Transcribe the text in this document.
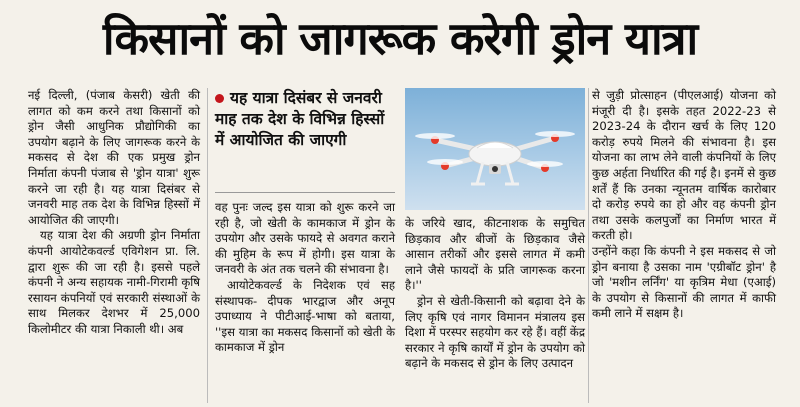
किसानों को जागरूक करेगी ड्रोन यात्रा

नई दिल्ली, (पंजाब केसरी) खेती की लागत को कम करने तथा किसानों को ड्रोन जैसी आधुनिक प्रौद्योगिकी का उपयोग बढ़ाने के लिए जागरूक करने के मकसद से देश की एक प्रमुख ड्रोन निर्माता कंपनी पंजाब से 'ड्रोन यात्रा' शुरू करने जा रही है। यह यात्रा दिसंबर से जनवरी माह तक देश के विभिन्न हिस्सों में आयोजित की जाएगी।

यह यात्रा देश की अग्रणी ड्रोन निर्माता कंपनी आयोटेकवर्ल्ड एविगेशन प्रा. लि. द्वारा शुरू की जा रही है। इससे पहले कंपनी ने अन्य सहायक नामी-गिरामी कृषि रसायन कंपनियों एवं सरकारी संस्थाओं के साथ मिलकर देशभर में 25,000 किलोमीटर की यात्रा निकाली थी। अब

यह यात्रा दिसंबर से जनवरी माह तक देश के विभिन्न हिस्सों में आयोजित की जाएगी

वह पुनः जल्द इस यात्रा को शुरू करने जा रही है, जो खेती के कामकाज में ड्रोन के उपयोग और उसके फायदे से अवगत कराने की मुहिम के रूप में होगी। इस यात्रा के जनवरी के अंत तक चलने की संभावना है।

आयोटेकवर्ल्ड के निदेशक एवं सह संस्थापक- दीपक भारद्वाज और अनूप उपाध्याय ने पीटीआई-भाषा को बताया, ''इस यात्रा का मकसद किसानों को खेती के कामकाज में ड्रोन

के जरिये खाद, कीटनाशक के समुचित छिड़काव और बीजों के छिड़काव जैसे आसान तरीकों और इससे लागत में कमी लाने जैसे फायदों के प्रति जागरूक करना है।''

ड्रोन से खेती-किसानी को बढ़ावा देने के लिए कृषि एवं नागर विमानन मंत्रालय इस दिशा में परस्पर सहयोग कर रहे हैं। वहीं केंद्र सरकार ने कृषि कार्यों में ड्रोन के उपयोग को बढ़ाने के मकसद से ड्रोन के लिए उत्पादन

से जुड़ी प्रोत्साहन (पीएलआई) योजना को मंजूरी दी है। इसके तहत 2022-23 से 2023-24 के दौरान खर्च के लिए 120 करोड़ रुपये मिलने की संभावना है। इस योजना का लाभ लेने वाली कंपनियों के लिए कुछ अर्हता निर्धारित की गई है। इनमें से कुछ शर्तें हैं कि उनका न्यूनतम वार्षिक कारोबार दो करोड़ रुपये का हो और वह कंपनी ड्रोन तथा उसके कलपुर्जों का निर्माण भारत में करती हो।

उन्होंने कहा कि कंपनी ने इस मकसद से जो ड्रोन बनाया है उसका नाम 'एग्रीबॉट ड्रोन' है जो 'मशीन लर्निंग' या कृत्रिम मेधा (एआई) के उपयोग से किसानों की लागत में काफी कमी लाने में सक्षम है।
